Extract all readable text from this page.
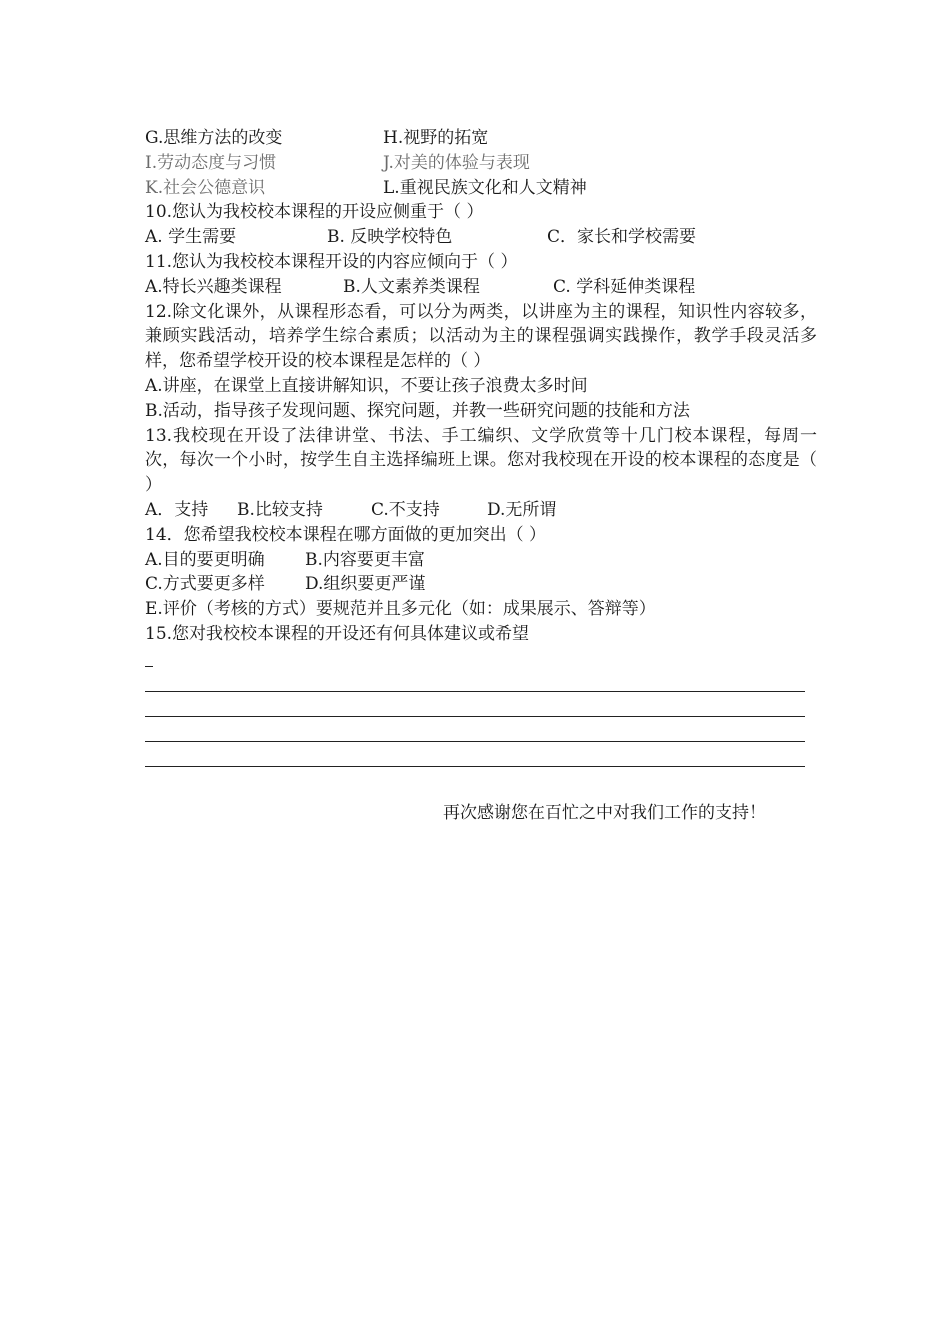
G.思维方法的改变	H.视野的拓宽
I.劳动态度与习惯	J.对美的体验与表现
K.社会公德意识	L.重视民族文化和人文精神
10.您认为我校校本课程的开设应侧重于（ ）
A. 学生需要	B. 反映学校特色	C．家长和学校需要
11.您认为我校校本课程开设的内容应倾向于（ ）
A.特长兴趣类课程	B.人文素养类课程	C. 学科延伸类课程
12.除文化课外，从课程形态看，可以分为两类，以讲座为主的课程，知识性内容较多，兼顾实践活动，培养学生综合素质；以活动为主的课程强调实践操作，教学手段灵活多样，您希望学校开设的校本课程是怎样的（ ）
A.讲座，在课堂上直接讲解知识，不要让孩子浪费太多时间
B.活动，指导孩子发现问题、探究问题，并教一些研究问题的技能和方法
13.我校现在开设了法律讲堂、书法、手工编织、文学欣赏等十几门校本课程，每周一次，每次一个小时，按学生自主选择编班上课。您对我校现在开设的校本课程的态度是（ ）
A．支持	B.比较支持	C.不支持	D.无所谓
14．您希望我校校本课程在哪方面做的更加突出（ ）
A.目的要更明确	B.内容要更丰富
C.方式要更多样	D.组织要更严谨
E.评价（考核的方式）要规范并且多元化（如：成果展示、答辩等）
15.您对我校校本课程的开设还有何具体建议或希望
再次感谢您在百忙之中对我们工作的支持！
